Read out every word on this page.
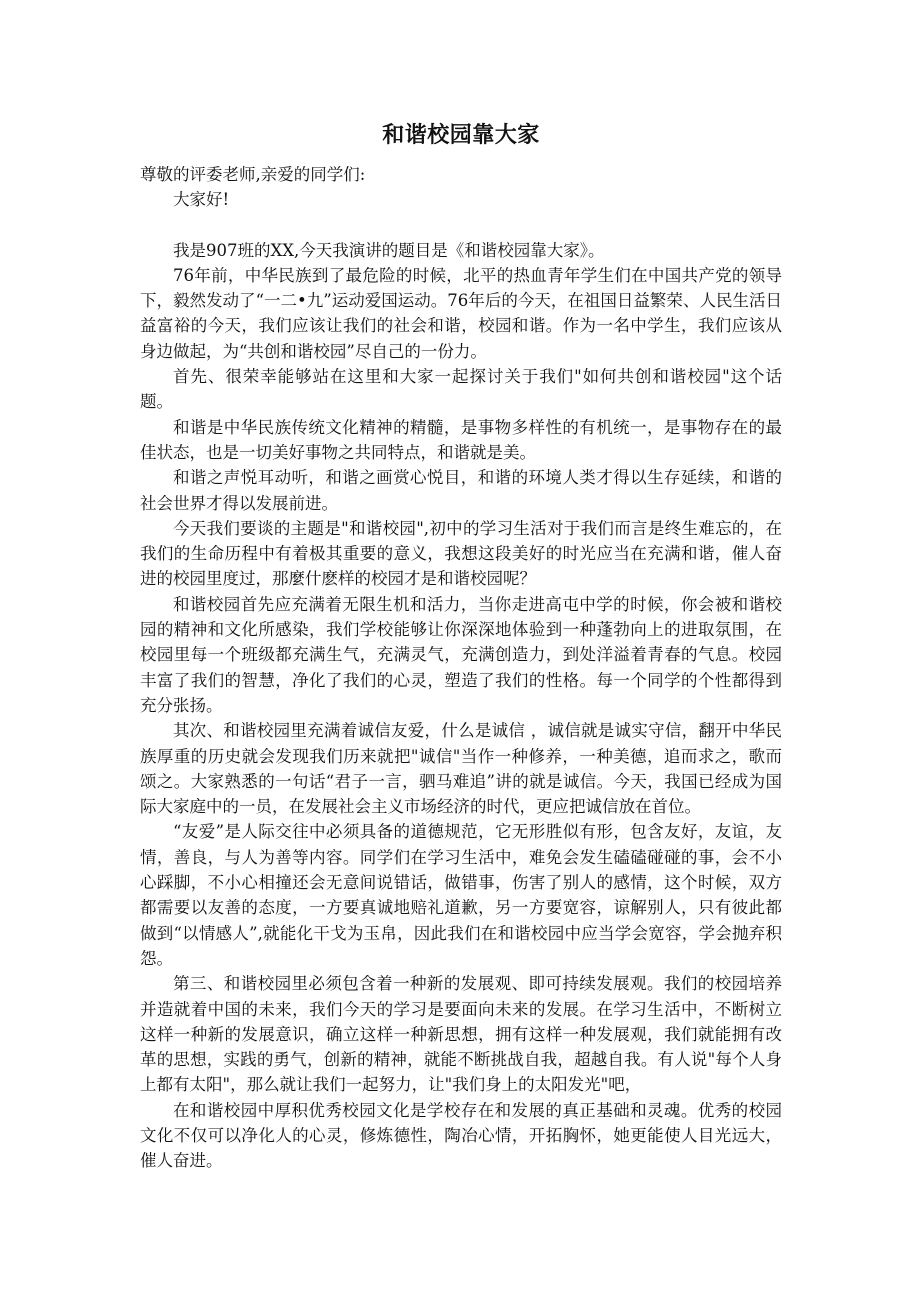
和谐校园靠大家

尊敬的评委老师,亲爱的同学们:

大家好!

我是907班的XX,今天我演讲的题目是《和谐校园靠大家》。

76年前，中华民族到了最危险的时候，北平的热血青年学生们在中国共产党的领导下，毅然发动了“一二•九”运动爱国运动。76年后的今天，在祖国日益繁荣、人民生活日益富裕的今天，我们应该让我们的社会和谐，校园和谐。作为一名中学生，我们应该从身边做起，为“共创和谐校园”尽自己的一份力。

首先、很荣幸能够站在这里和大家一起探讨关于我们"如何共创和谐校园"这个话题。

和谐是中华民族传统文化精神的精髓，是事物多样性的有机统一，是事物存在的最佳状态，也是一切美好事物之共同特点，和谐就是美。

和谐之声悦耳动听，和谐之画赏心悦目，和谐的环境人类才得以生存延续，和谐的社会世界才得以发展前进。

今天我们要谈的主题是"和谐校园",初中的学习生活对于我们而言是终生难忘的，在我们的生命历程中有着极其重要的意义，我想这段美好的时光应当在充满和谐，催人奋进的校园里度过，那麼什麽样的校园才是和谐校园呢？

和谐校园首先应充满着无限生机和活力，当你走进高屯中学的时候，你会被和谐校园的精神和文化所感染，我们学校能够让你深深地体验到一种蓬勃向上的进取氛围，在校园里每一个班级都充满生气，充满灵气，充满创造力，到处洋溢着青春的气息。校园丰富了我们的智慧，净化了我们的心灵，塑造了我们的性格。每一个同学的个性都得到充分张扬。

其次、和谐校园里充满着诚信友爱，什么是诚信 ，诚信就是诚实守信，翻开中华民族厚重的历史就会发现我们历来就把"诚信"当作一种修养，一种美德，追而求之，歌而颂之。大家熟悉的一句话“君子一言，驷马难追”讲的就是诚信。今天，我国已经成为国际大家庭中的一员，在发展社会主义市场经济的时代，更应把诚信放在首位。

“友爱”是人际交往中必须具备的道德规范，它无形胜似有形，包含友好，友谊，友情，善良，与人为善等内容。同学们在学习生活中，难免会发生磕磕碰碰的事，会不小心踩脚，不小心相撞还会无意间说错话，做错事，伤害了别人的感情，这个时候，双方都需要以友善的态度，一方要真诚地赔礼道歉，另一方要宽容，谅解别人，只有彼此都做到“以情感人”,就能化干戈为玉帛，因此我们在和谐校园中应当学会宽容，学会抛弃积怨。

第三、和谐校园里必须包含着一种新的发展观、即可持续发展观。我们的校园培养并造就着中国的未来，我们今天的学习是要面向未来的发展。在学习生活中，不断树立这样一种新的发展意识，确立这样一种新思想，拥有这样一种发展观，我们就能拥有改革的思想，实践的勇气，创新的精神，就能不断挑战自我，超越自我。有人说"每个人身上都有太阳"，那么就让我们一起努力，让"我们身上的太阳发光"吧，

在和谐校园中厚积优秀校园文化是学校存在和发展的真正基础和灵魂。优秀的校园文化不仅可以净化人的心灵，修炼德性，陶冶心情，开拓胸怀，她更能使人目光远大，催人奋进。
